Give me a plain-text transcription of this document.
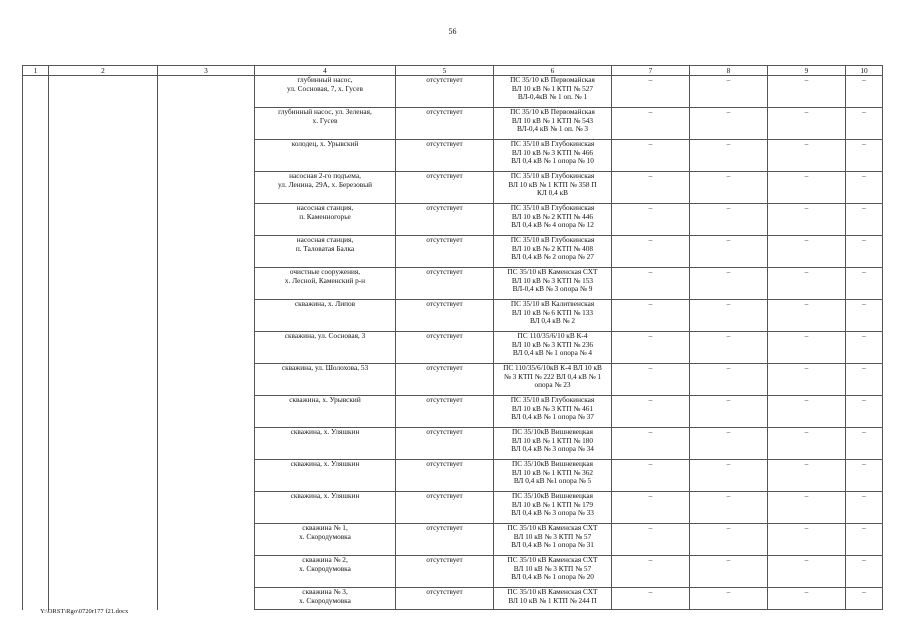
56
1	2	3	4	5	6	7	8	9	10
			глубинный насос,
ул. Сосновая, 7, х. Гусев	отсутствует	ПС 35/10 кВ Первомайская
ВЛ 10 кВ № 1 КТП № 527
ВЛ-0,4кВ № 1 оп. № 1	–	–	–	–
			глубинный насос, ул. Зеленая,
х. Гусев	отсутствует	ПС 35/10 кВ Первомайская
ВЛ 10 кВ № 1 КТП № 543
ВЛ-0,4 кВ № 1 оп. № 3	–	–	–	–
			колодец, х. Урывский	отсутствует	ПС 35/10 кВ Глубокинская
ВЛ 10 кВ № 3 КТП № 466
ВЛ 0,4 кВ № 1 опора № 10	–	–	–	–
			насосная 2-го подъема,
ул. Ленина, 29А, х. Березовый	отсутствует	ПС 35/10 кВ Глубокинская
ВЛ 10 кВ № 1 КТП № 358 П
КЛ 0,4 кВ	–	–	–	–
			насосная станция,
п. Каменногорье	отсутствует	ПС 35/10 кВ Глубокинская
ВЛ 10 кВ № 2 КТП № 446
ВЛ 0,4 кВ № 4 опора № 12	–	–	–	–
			насосная станция,
п. Таловатая Балка	отсутствует	ПС 35/10 кВ Глубокинская
ВЛ 10 кВ № 2 КТП № 408
ВЛ 0,4 кВ № 2 опора № 27	–	–	–	–
			очистные сооружения,
х. Лесной, Каменский р-н	отсутствует	ПС 35/10 кВ Каменская СХТ
ВЛ 10 кВ № 3 КТП № 153
ВЛ-0,4 кВ № 3 опора № 9	–	–	–	–
			скважина, х. Липов	отсутствует	ПС 35/10 кВ Калитвенская
ВЛ 10 кВ № 6 КТП № 133
ВЛ 0,4 кВ № 2	–	–	–	–
			скважина, ул. Сосновая, 3	отсутствует	ПС 110/35/6/10 кВ К-4
ВЛ 10 кВ № 3 КТП № 236
ВЛ 0,4 кВ № 1 опора № 4	–	–	–	–
			скважина, ул. Шолохова, 53	отсутствует	ПС 110/35/6/10кВ К-4 ВЛ 10 кВ
№ 3 КТП № 222 ВЛ 0,4 кВ № 1
опора № 23	–	–	–	–
			скважина, х. Урывский	отсутствует	ПС 35/10 кВ Глубокинская
ВЛ 10 кВ № 3 КТП № 461
ВЛ 0,4 кВ № 1 опора № 37	–	–	–	–
			скважина, х. Уляшкин	отсутствует	ПС 35/10кВ Вишневецкая
ВЛ 10 кВ № 1 КТП № 180
ВЛ 0,4 кВ № 3 опора № 34	–	–	–	–
			скважина, х. Уляшкин	отсутствует	ПС 35/10кВ Вишневецкая
ВЛ 10 кВ № 1 КТП № 362
ВЛ 0,4 кВ №1 опора № 5	–	–	–	–
			скважина, х. Уляшкин	отсутствует	ПС 35/10кВ Вишневецкая
ВЛ 10 кВ № 1 КТП № 179
ВЛ 0,4 кВ № 3 опора № 33	–	–	–	–
			скважина № 1,
х. Скородумовка	отсутствует	ПС 35/10 кВ Каменская СХТ
ВЛ 10 кВ № 3 КТП № 57
ВЛ 0,4 кВ № 1 опора № 31	–	–	–	–
			скважина № 2,
х. Скородумовка	отсутствует	ПС 35/10 кВ Каменская СХТ
ВЛ 10 кВ № 3 КТП № 57
ВЛ 0,4 кВ № 1 опора № 20	–	–	–	–
			скважина № 3,
х. Скородумовка	отсутствует	ПС 35/10 кВ Каменская СХТ
ВЛ 10 кВ № 1 КТП № 244 П	–	–	–	–
Y:\ORST\Rgo\0720r177 f21.docx
